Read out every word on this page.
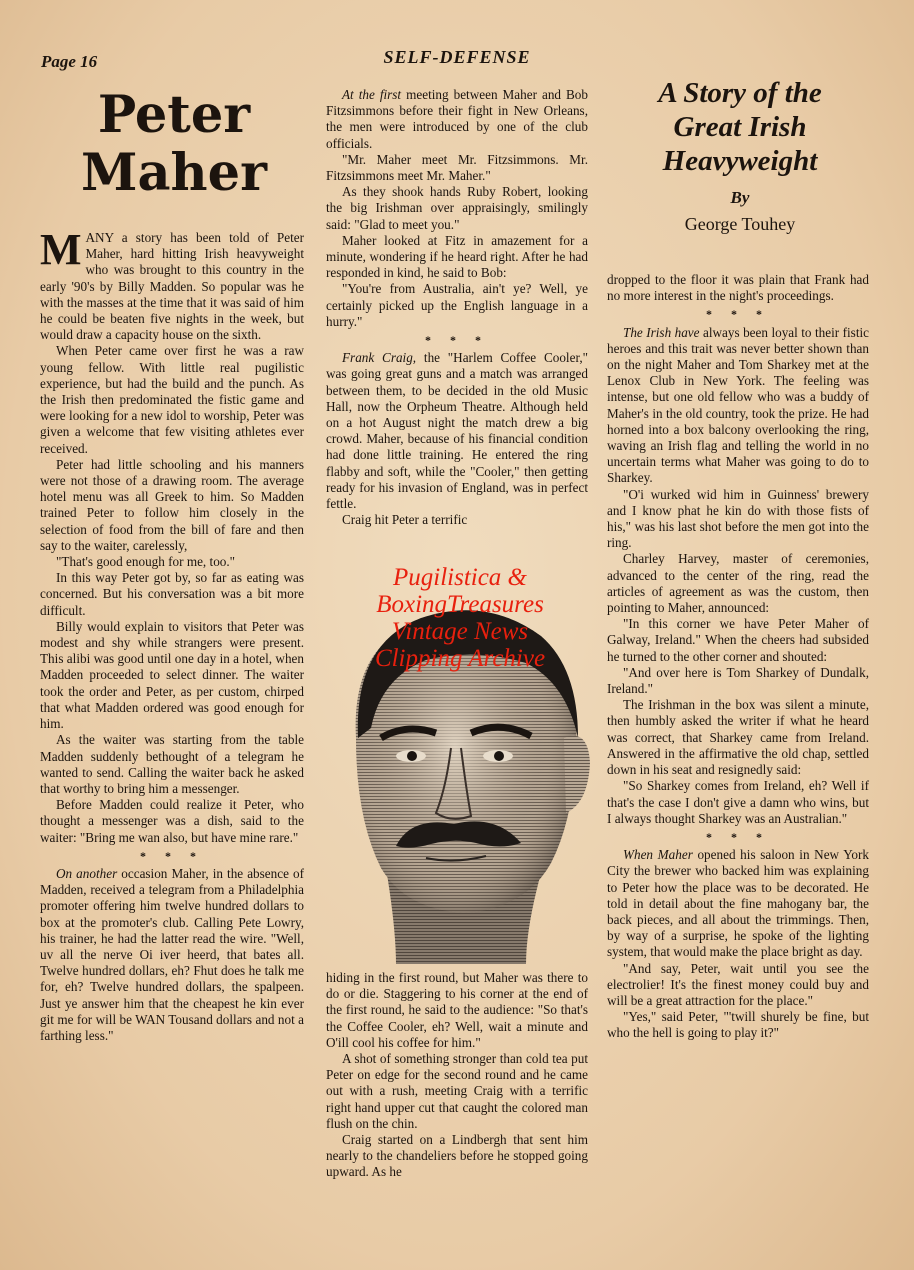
Page 16	SELF-DEFENSE
Peter
Maher
A Story of the
Great Irish
Heavyweight
By
George Touhey

MANY a story has been told of Peter Maher, hard hitting Irish heavyweight who was brought to this country in the early '90's by Billy Madden. So popular was he with the masses at the time that it was said of him he could be beaten five nights in the week, but would draw a capacity house on the sixth.

When Peter came over first he was a raw young fellow. With little real pugilistic experience, but had the build and the punch. As the Irish then predominated the fistic game and were looking for a new idol to worship, Peter was given a welcome that few visiting athletes ever received.

Peter had little schooling and his manners were not those of a drawing room. The average hotel menu was all Greek to him. So Madden trained Peter to follow him closely in the selection of food from the bill of fare and then say to the waiter, carelessly,

"That's good enough for me, too."

In this way Peter got by, so far as eating was concerned. But his conversation was a bit more difficult.

Billy would explain to visitors that Peter was modest and shy while strangers were present. This alibi was good until one day in a hotel, when Madden proceeded to select dinner. The waiter took the order and Peter, as per custom, chirped that what Madden ordered was good enough for him.

As the waiter was starting from the table Madden suddenly bethought of a telegram he wanted to send. Calling the waiter back he asked that worthy to bring him a messenger.

Before Madden could realize it Peter, who thought a messenger was a dish, said to the waiter: "Bring me wan also, but have mine rare."

* * *

On another occasion Maher, in the absence of Madden, received a telegram from a Philadelphia promoter offering him twelve hundred dollars to box at the promoter's club. Calling Pete Lowry, his trainer, he had the latter read the wire. "Well, uv all the nerve Oi iver heerd, that bates all. Twelve hundred dollars, eh? Fhut does he talk me for, eh? Twelve hundred dollars, the spalpeen. Just ye answer him that the cheapest he kin ever git me for will be WAN Tousand dollars and not a farthing less."

At the first meeting between Maher and Bob Fitzsimmons before their fight in New Orleans, the men were introduced by one of the club officials.

"Mr. Maher meet Mr. Fitzsimmons. Mr. Fitzsimmons meet Mr. Maher."

As they shook hands Ruby Robert, looking the big Irishman over appraisingly, smilingly said: "Glad to meet you."

Maher looked at Fitz in amazement for a minute, wondering if he heard right. After he had responded in kind, he said to Bob:

"You're from Australia, ain't ye? Well, ye certainly picked up the English language in a hurry."

* * *

Frank Craig, the "Harlem Coffee Cooler," was going great guns and a match was arranged between them, to be decided in the old Music Hall, now the Orpheum Theatre. Although held on a hot August night the match drew a big crowd. Maher, because of his financial condition had done little training. He entered the ring flabby and soft, while the "Cooler," then getting ready for his invasion of England, was in perfect fettle.

Craig hit Peter a terrific

Pugilistica &
BoxingTreasures
Vintage News
Clipping Archive

hiding in the first round, but Maher was there to do or die. Staggering to his corner at the end of the first round, he said to the audience: "So that's the Coffee Cooler, eh? Well, wait a minute and O'ill cool his coffee for him."

A shot of something stronger than cold tea put Peter on edge for the second round and he came out with a rush, meeting Craig with a terrific right hand upper cut that caught the colored man flush on the chin.

Craig started on a Lindbergh that sent him nearly to the chandeliers before he stopped going upward. As he

dropped to the floor it was plain that Frank had no more interest in the night's proceedings.

* * *

The Irish have always been loyal to their fistic heroes and this trait was never better shown than on the night Maher and Tom Sharkey met at the Lenox Club in New York. The feeling was intense, but one old fellow who was a buddy of Maher's in the old country, took the prize. He had horned into a box balcony overlooking the ring, waving an Irish flag and telling the world in no uncertain terms what Maher was going to do to Sharkey.

"O'i wurked wid him in Guinness' brewery and I know phat he kin do with those fists of his," was his last shot before the men got into the ring.

Charley Harvey, master of ceremonies, advanced to the center of the ring, read the articles of agreement as was the custom, then pointing to Maher, announced:

"In this corner we have Peter Maher of Galway, Ireland." When the cheers had subsided he turned to the other corner and shouted:

"And over here is Tom Sharkey of Dundalk, Ireland."

The Irishman in the box was silent a minute, then humbly asked the writer if what he heard was correct, that Sharkey came from Ireland. Answered in the affirmative the old chap, settled down in his seat and resignedly said:

"So Sharkey comes from Ireland, eh? Well if that's the case I don't give a damn who wins, but I always thought Sharkey was an Australian."

* * *

When Maher opened his saloon in New York City the brewer who backed him was explaining to Peter how the place was to be decorated. He told in detail about the fine mahogany bar, the back pieces, and all about the trimmings. Then, by way of a surprise, he spoke of the lighting system, that would make the place bright as day.

"And say, Peter, wait until you see the electrolier! It's the finest money could buy and will be a great attraction for the place."

"Yes," said Peter, "'twill shurely be fine, but who the hell is going to play it?"
